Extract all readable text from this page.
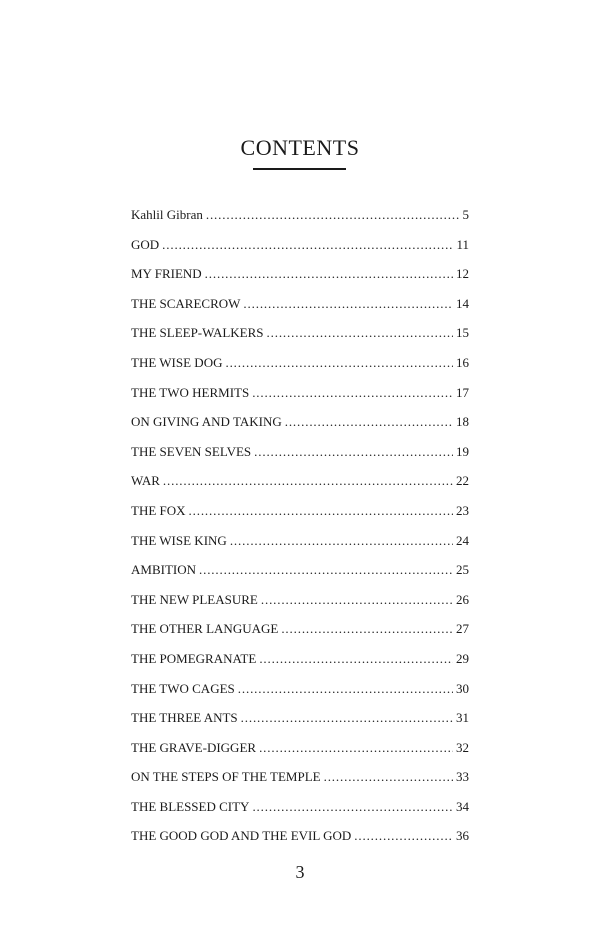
CONTENTS
Kahlil Gibran . . .	5
GOD . . .	11
MY FRIEND . . .	12
THE SCARECROW . . .	14
THE SLEEP-WALKERS . . .	15
THE WISE DOG . . .	16
THE TWO HERMITS . . .	17
ON GIVING AND TAKING . . .	18
THE SEVEN SELVES . . .	19
WAR . . .	22
THE FOX . . .	23
THE WISE KING . . .	24
AMBITION . . .	25
THE NEW PLEASURE . . .	26
THE OTHER LANGUAGE . . .	27
THE POMEGRANATE . . .	29
THE TWO CAGES . . .	30
THE THREE ANTS . . .	31
THE GRAVE-DIGGER . . .	32
ON THE STEPS OF THE TEMPLE . . .	33
THE BLESSED CITY . . .	34
THE GOOD GOD AND THE EVIL GOD . . .	36
3
